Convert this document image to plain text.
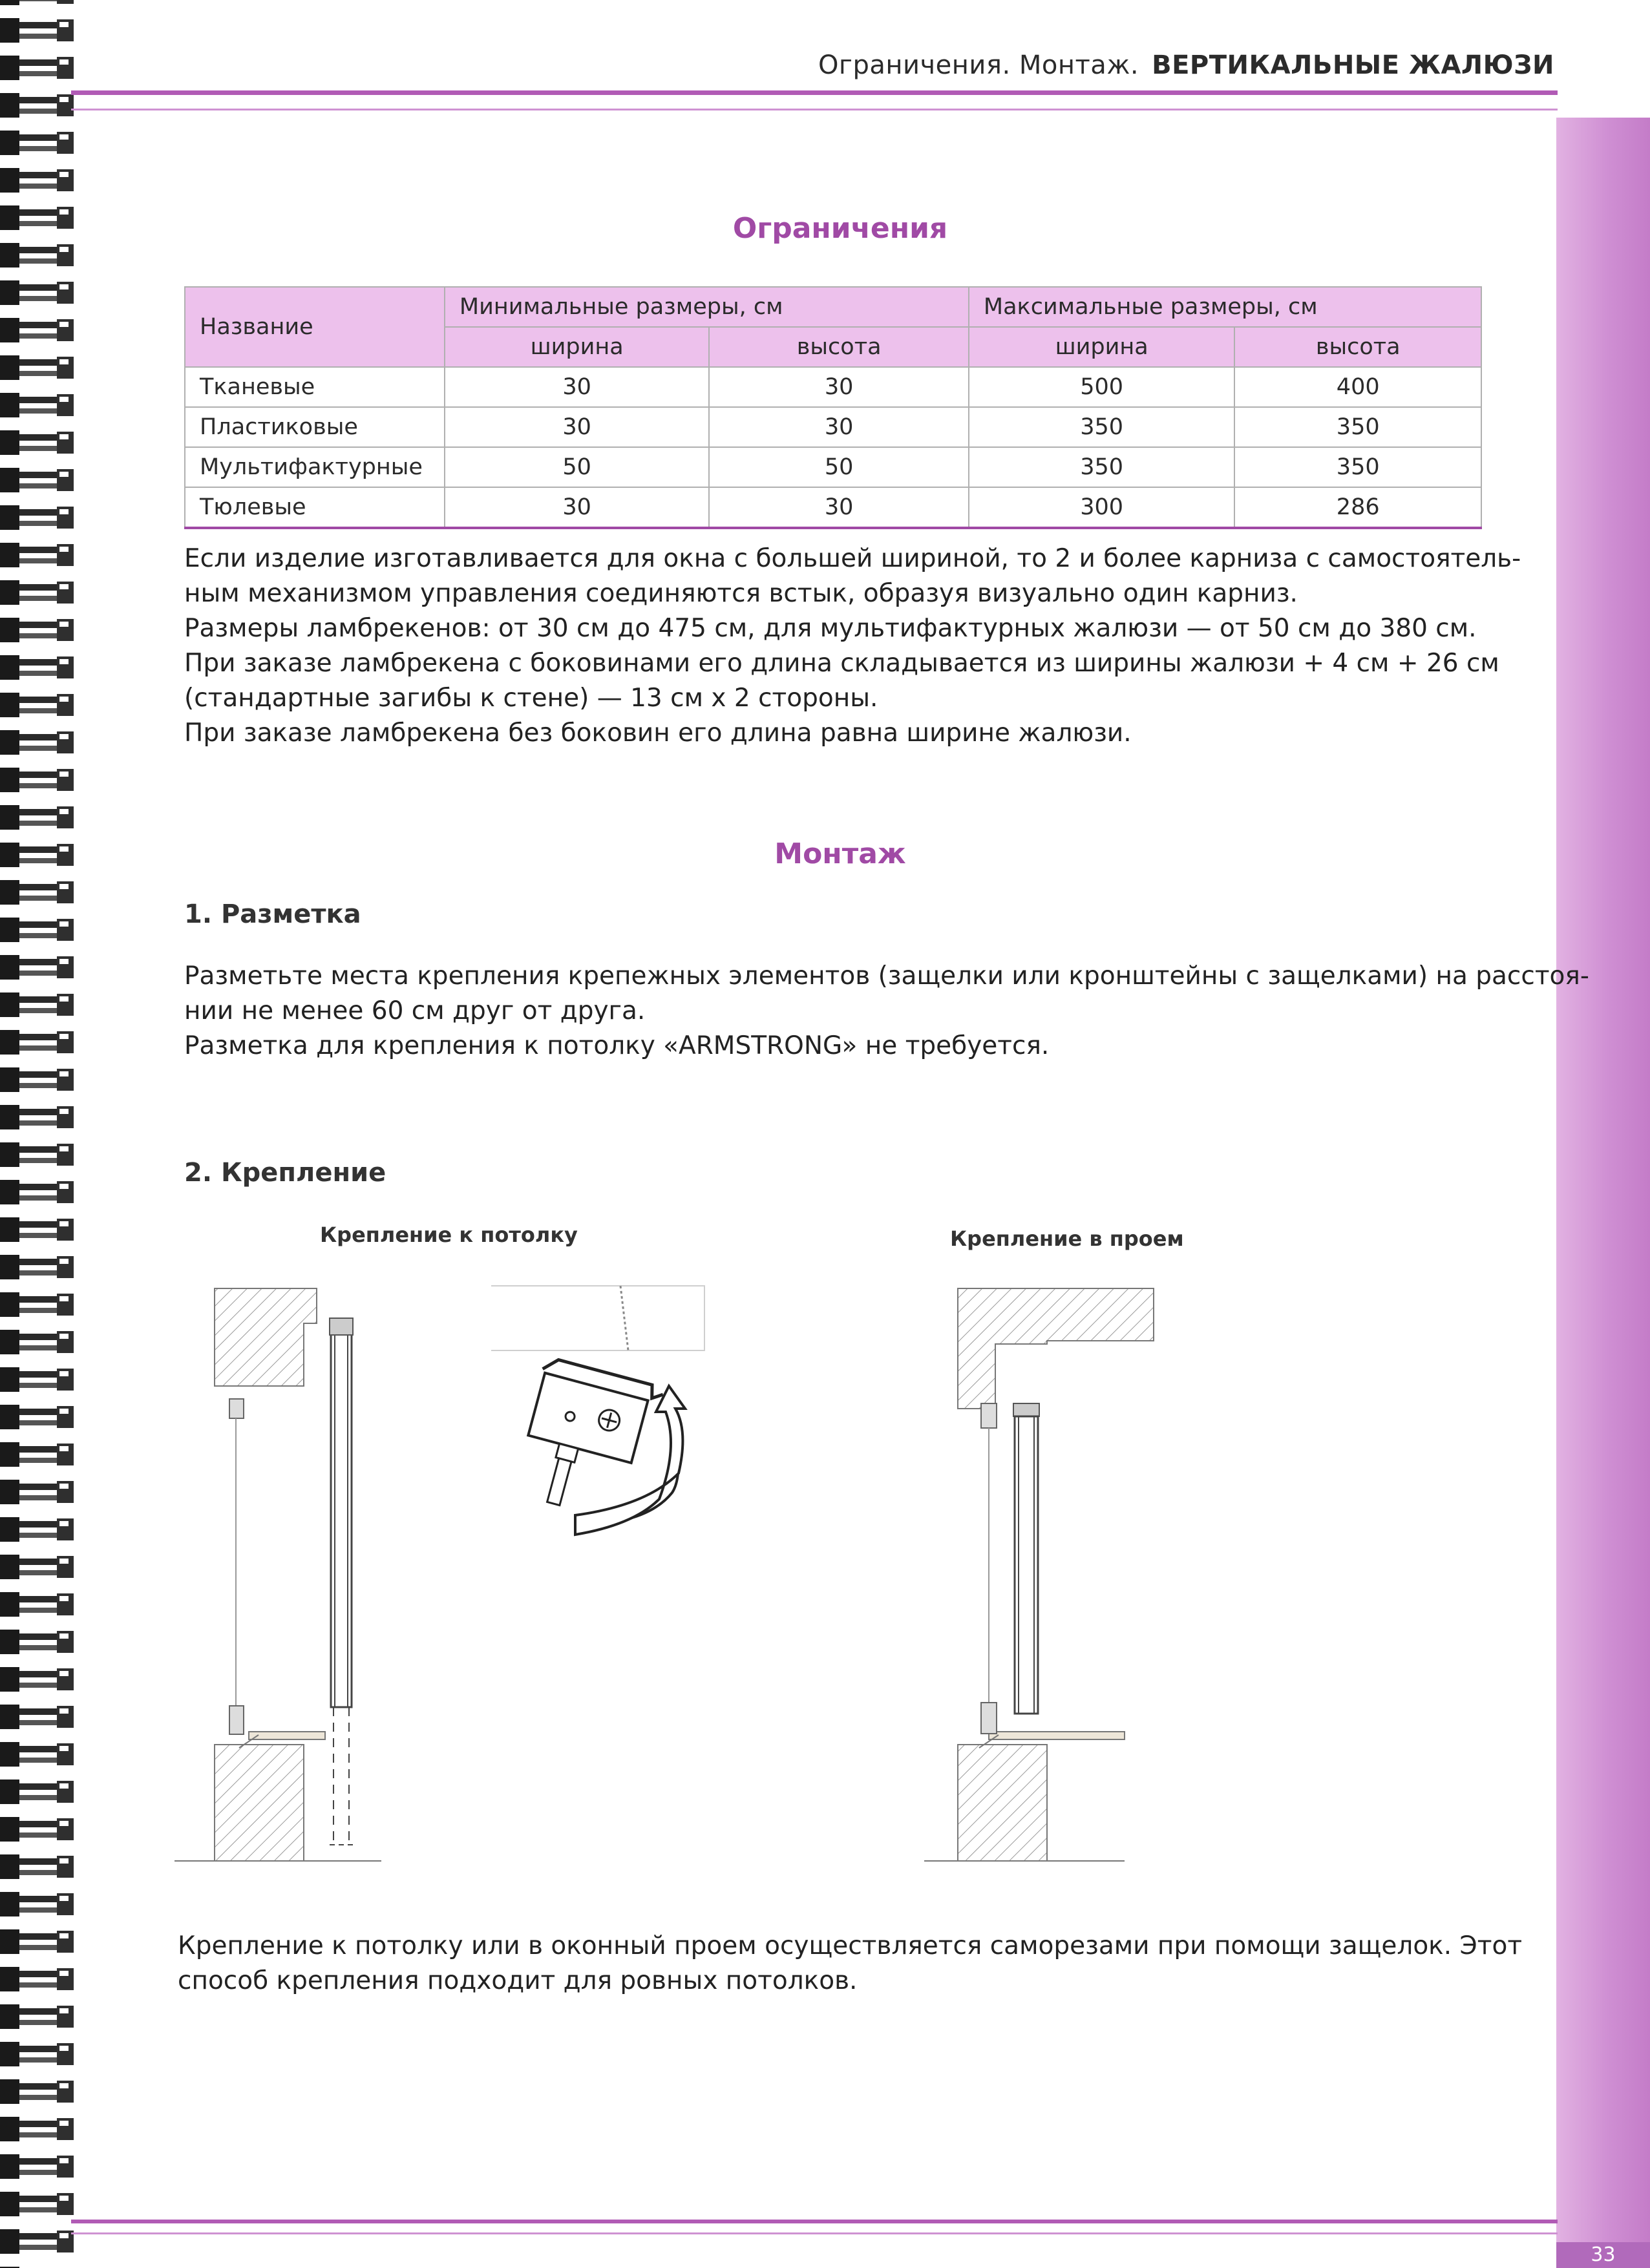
33
Ограничения. Монтаж. ВЕРТИКАЛЬНЫЕ ЖАЛЮЗИ
Ограничения
Название	Минимальные размеры, см		Максимальные размеры, см	
	ширина	высота	ширина	высота
Тканевые	30	30	500	400
Пластиковые	30	30	350	350
Мультифактурные	50	50	350	350
Тюлевые	30	30	300	286
Если изделие изготавливается для окна с большей шириной, то 2 и более карниза с самостоятель-
ным механизмом управления соединяются встык, образуя визуально один карниз.
Размеры ламбрекенов: от 30 см до 475 см, для мультифактурных жалюзи — от 50 см до 380 см.
При заказе ламбрекена с боковинами его длина складывается из ширины жалюзи + 4 см + 26 см
(стандартные загибы к стене) — 13 см х 2 стороны.
При заказе ламбрекена без боковин его длина равна ширине жалюзи.
Монтаж
1. Разметка
Разметьте места крепления крепежных элементов (защелки или кронштейны с защелками) на расстоя-
нии не менее 60 см друг от друга.
Разметка для крепления к потолку «ARMSTRONG» не требуется.
2. Крепление
Крепление к потолку	Крепление в проем
Крепление к потолку или в оконный проем осуществляется саморезами при помощи защелок. Этот
способ крепления подходит для ровных потолков.
